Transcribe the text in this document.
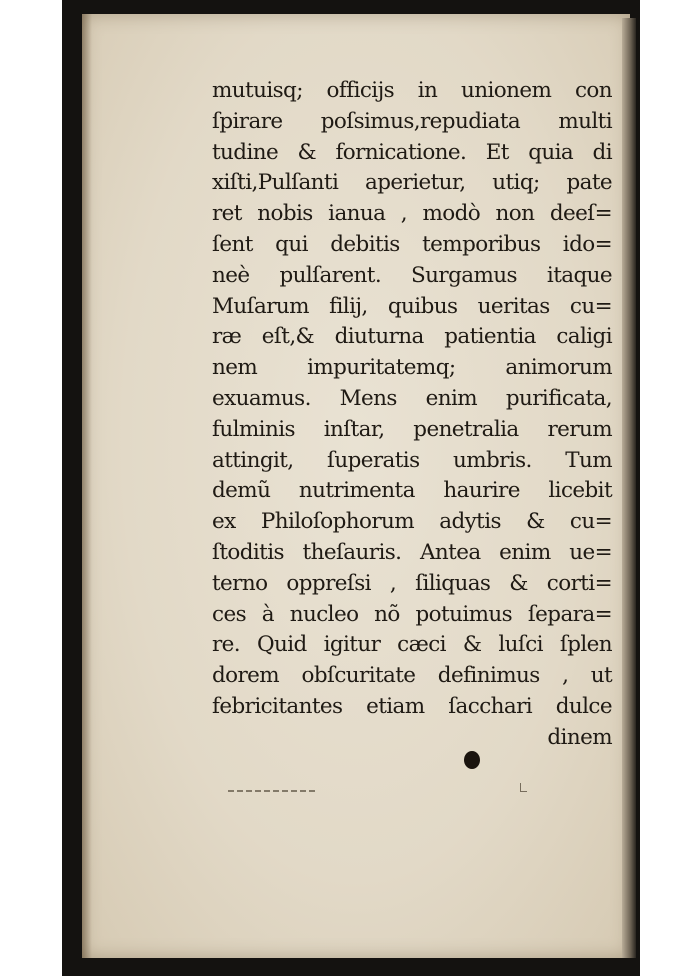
mutuisq; officijs in unionem con
ſpirare poſsimus,repudiata multi
tudine & fornicatione. Et quia di
xiſti,Pulſanti aperietur, utiq; pate
ret nobis ianua , modò non deeſ=
ſent qui debitis temporibus ido=
neè pulſarent. Surgamus itaque
Muſarum filij, quibus ueritas cu=
ræ eſt,& diuturna patientia caligi
nem impuritatemq; animorum
exuamus. Mens enim purificata,
fulminis inſtar, penetralia rerum
attingit, ſuperatis umbris. Tum
demũ nutrimenta haurire licebit
ex Philoſophorum adytis & cu=
ſtoditis theſauris. Antea enim ue=
terno oppreſsi , ſiliquas & corti=
ces à nucleo nõ potuimus ſepara=
re. Quid igitur cæci & luſci ſplen
dorem obſcuritate definimus , ut
febricitantes etiam ſacchari dulce
dinem
